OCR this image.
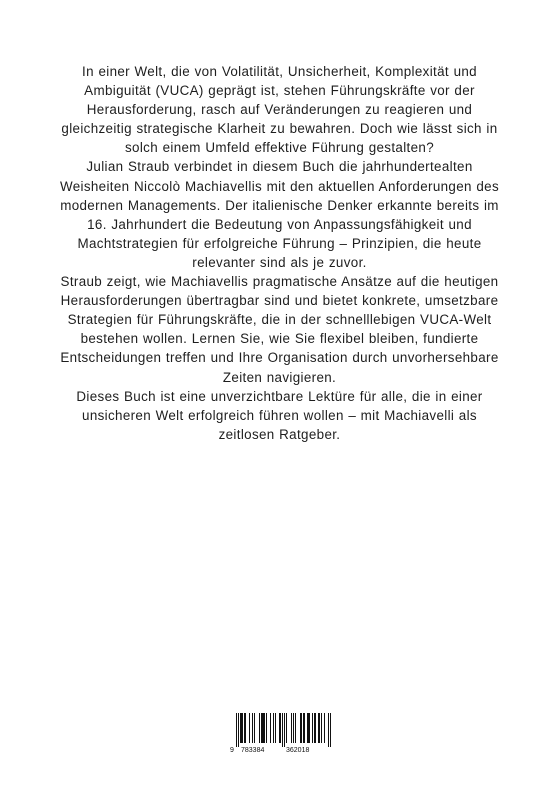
In einer Welt, die von Volatilität, Unsicherheit, Komplexität und Ambiguität (VUCA) geprägt ist, stehen Führungskräfte vor der Herausforderung, rasch auf Veränderungen zu reagieren und gleichzeitig strategische Klarheit zu bewahren. Doch wie lässt sich in solch einem Umfeld effektive Führung gestalten?

Julian Straub verbindet in diesem Buch die jahrhundertealten Weisheiten Niccolò Machiavellis mit den aktuellen Anforderungen des modernen Managements. Der italienische Denker erkannte bereits im 16. Jahrhundert die Bedeutung von Anpassungsfähigkeit und Machtstrategien für erfolgreiche Führung – Prinzipien, die heute relevanter sind als je zuvor.

Straub zeigt, wie Machiavellis pragmatische Ansätze auf die heutigen Herausforderungen übertragbar sind und bietet konkrete, umsetzbare Strategien für Führungskräfte, die in der schnelllebigen VUCA-Welt bestehen wollen. Lernen Sie, wie Sie flexibel bleiben, fundierte Entscheidungen treffen und Ihre Organisation durch unvorhersehbare Zeiten navigieren.

Dieses Buch ist eine unverzichtbare Lektüre für alle, die in einer unsicheren Welt erfolgreich führen wollen – mit Machiavelli als zeitlosen Ratgeber.

9 783384	362018
